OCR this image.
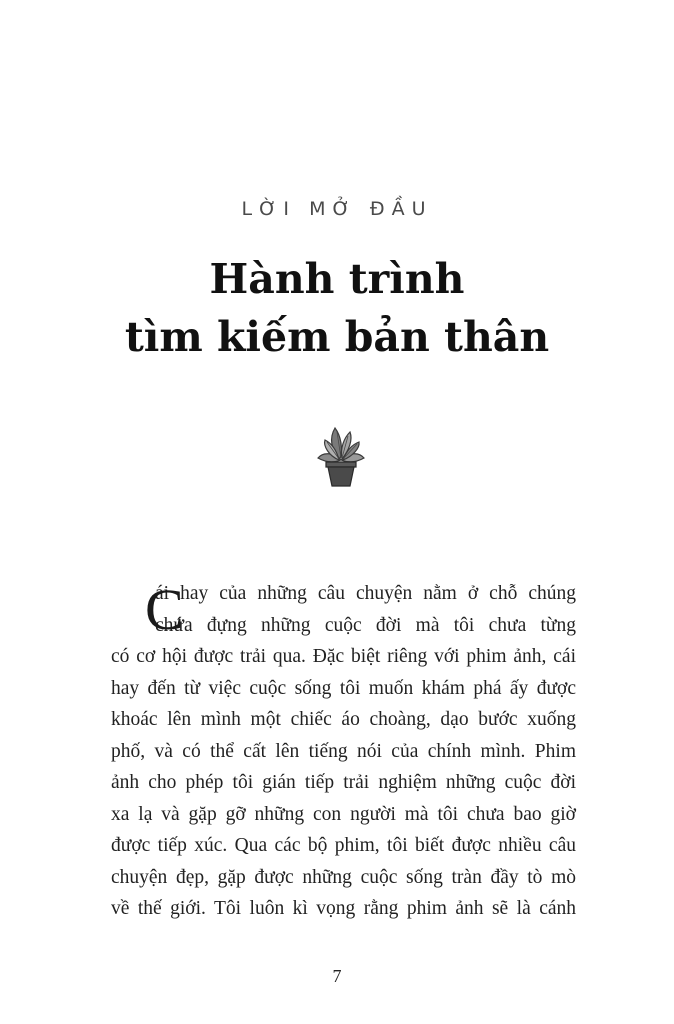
LỜI MỞ ĐẦU
Hành trình
tìm kiếm bản thân
C
ái hay của những câu chuyện nằm ở chỗ chúng
chứa đựng những cuộc đời mà tôi chưa từng
có cơ hội được trải qua. Đặc biệt riêng với phim ảnh, cái
hay đến từ việc cuộc sống tôi muốn khám phá ấy được
khoác lên mình một chiếc áo choàng, dạo bước xuống
phố, và có thể cất lên tiếng nói của chính mình. Phim
ảnh cho phép tôi gián tiếp trải nghiệm những cuộc đời
xa lạ và gặp gỡ những con người mà tôi chưa bao giờ
được tiếp xúc. Qua các bộ phim, tôi biết được nhiều câu
chuyện đẹp, gặp được những cuộc sống tràn đầy tò mò
về thế giới. Tôi luôn kì vọng rằng phim ảnh sẽ là cánh
7
